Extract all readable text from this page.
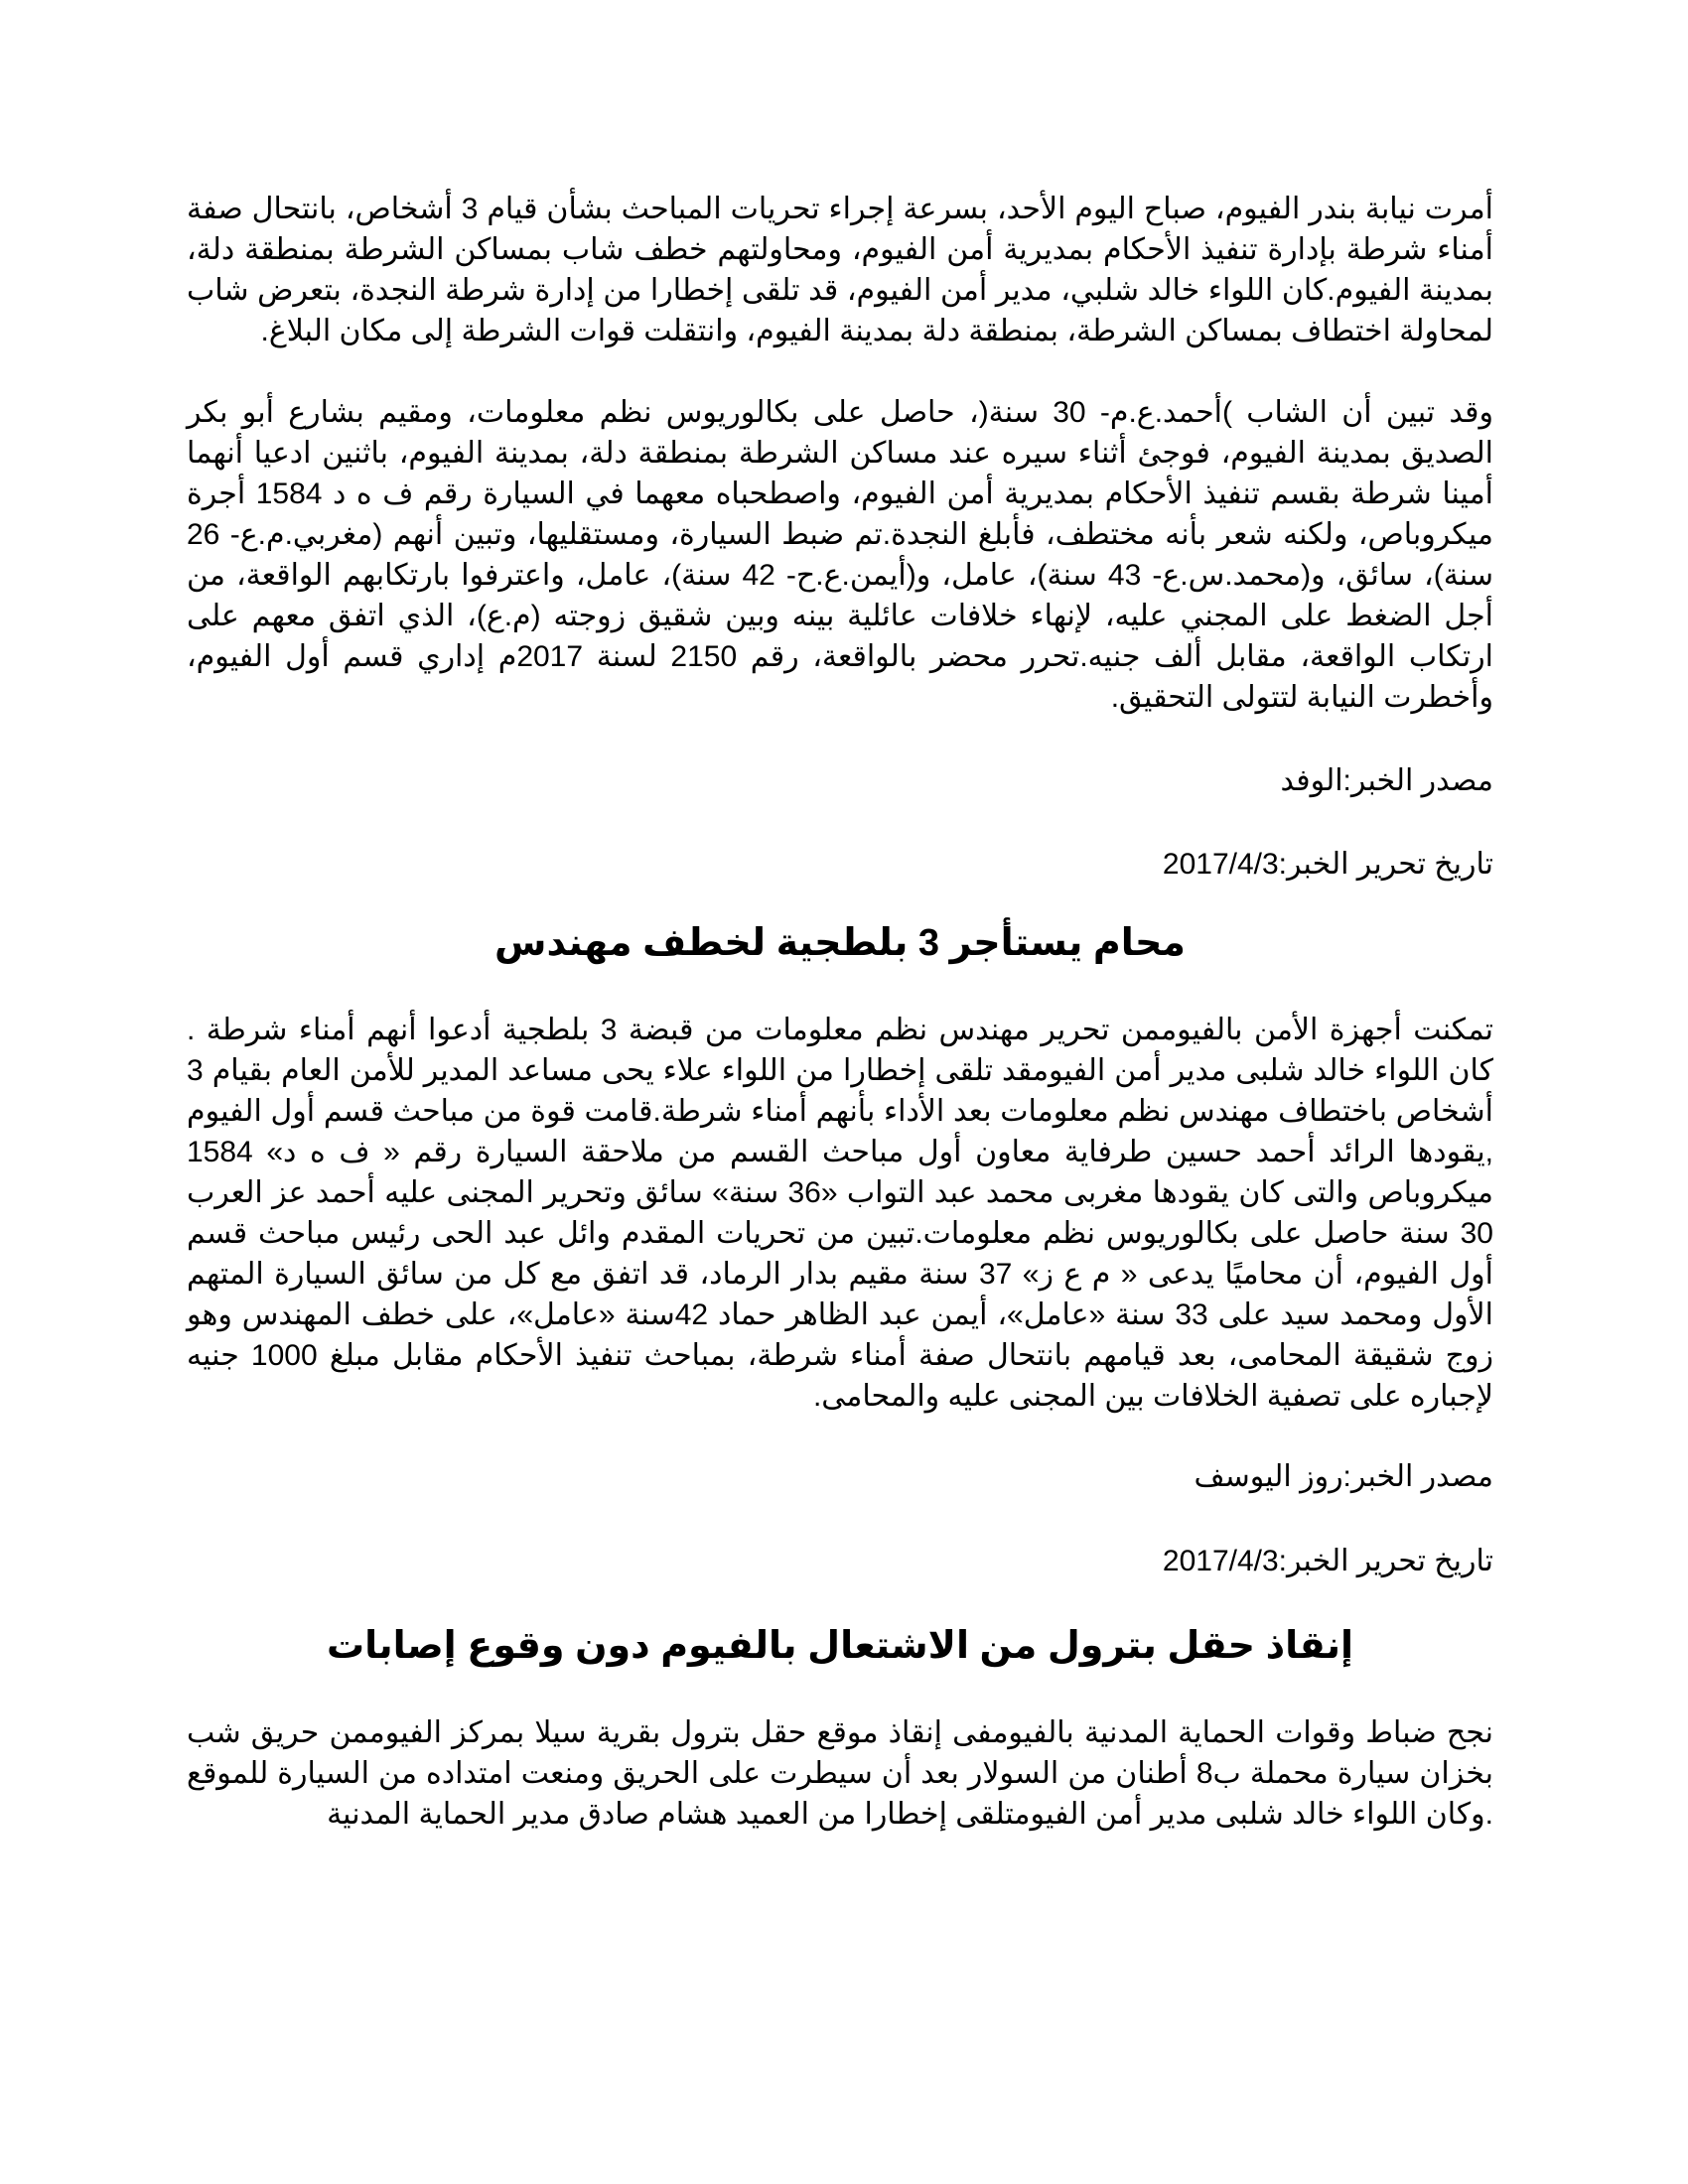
أمرت نيابة بندر الفيوم، صباح اليوم الأحد، بسرعة إجراء تحريات المباحث بشأن قيام 3 أشخاص، بانتحال صفة أمناء شرطة بإدارة تنفيذ الأحكام بمديرية أمن الفيوم، ومحاولتهم خطف شاب بمساكن الشرطة بمنطقة دلة، بمدينة الفيوم.كان اللواء خالد شلبي، مدير أمن الفيوم، قد تلقى إخطارا من إدارة شرطة النجدة، بتعرض شاب لمحاولة اختطاف بمساكن الشرطة، بمنطقة دلة بمدينة الفيوم، وانتقلت قوات الشرطة إلى مكان البلاغ.

وقد تبين أن الشاب )أحمد.ع.م- 30 سنة(، حاصل على بكالوريوس نظم معلومات، ومقيم بشارع أبو بكر الصديق بمدينة الفيوم، فوجئ أثناء سيره عند مساكن الشرطة بمنطقة دلة، بمدينة الفيوم، باثنين ادعيا أنهما أمينا شرطة بقسم تنفيذ الأحكام بمديرية أمن الفيوم، واصطحباه معهما في السيارة رقم ف ه د 1584 أجرة ميكروباص، ولكنه شعر بأنه مختطف، فأبلغ النجدة.تم ضبط السيارة، ومستقليها، وتبين أنهم (مغربي.م.ع- 26 سنة)، سائق، و(محمد.س.ع- 43 سنة)، عامل، و(أيمن.ع.ح- 42 سنة)، عامل، واعترفوا بارتكابهم الواقعة، من أجل الضغط على المجني عليه، لإنهاء خلافات عائلية بينه وبين شقيق زوجته (م.ع)، الذي اتفق معهم على ارتكاب الواقعة، مقابل ألف جنيه.تحرر محضر بالواقعة، رقم 2150 لسنة 2017م إداري قسم أول الفيوم، وأخطرت النيابة لتتولى التحقيق.

مصدر الخبر:الوفد

تاريخ تحرير الخبر:2017/4/3

محام يستأجر 3 بلطجية لخطف مهندس

تمكنت أجهزة الأمن بالفيوممن تحرير مهندس نظم معلومات من قبضة 3 بلطجية أدعوا أنهم أمناء شرطة . كان اللواء خالد شلبى مدير أمن الفيومقد تلقى إخطارا من اللواء علاء يحى مساعد المدير للأمن العام بقيام 3 أشخاص باختطاف مهندس نظم معلومات بعد الأداء بأنهم أمناء شرطة.قامت قوة من مباحث قسم أول الفيوم ,يقودها الرائد أحمد حسين طرفاية معاون أول مباحث القسم من ملاحقة السيارة رقم « ف ه د» 1584 ميكروباص والتى كان يقودها مغربى محمد عبد التواب «36 سنة» سائق وتحرير المجنى عليه أحمد عز العرب 30 سنة حاصل على بكالوريوس نظم معلومات.تبين من تحريات المقدم وائل عبد الحى رئيس مباحث قسم أول الفيوم، أن محاميًا يدعى « م ع ز» 37 سنة مقيم بدار الرماد، قد اتفق مع كل من سائق السيارة المتهم الأول ومحمد سيد على 33 سنة «عامل»، أيمن عبد الظاهر حماد 42سنة «عامل»، على خطف المهندس وهو زوج شقيقة المحامى، بعد قيامهم بانتحال صفة أمناء شرطة، بمباحث تنفيذ الأحكام مقابل مبلغ 1000 جنيه لإجباره على تصفية الخلافات بين المجنى عليه والمحامى.

مصدر الخبر:روز اليوسف

تاريخ تحرير الخبر:2017/4/3

إنقاذ حقل بترول من الاشتعال بالفيوم دون وقوع إصابات

نجح ضباط وقوات الحماية المدنية بالفيومفى إنقاذ موقع حقل بترول بقرية سيلا بمركز الفيوممن حريق شب بخزان سيارة محملة ب8 أطنان من السولار بعد أن سيطرت على الحريق ومنعت امتداده من السيارة للموقع .وكان اللواء خالد شلبى مدير أمن الفيومتلقى إخطارا من العميد هشام صادق مدير الحماية المدنية
